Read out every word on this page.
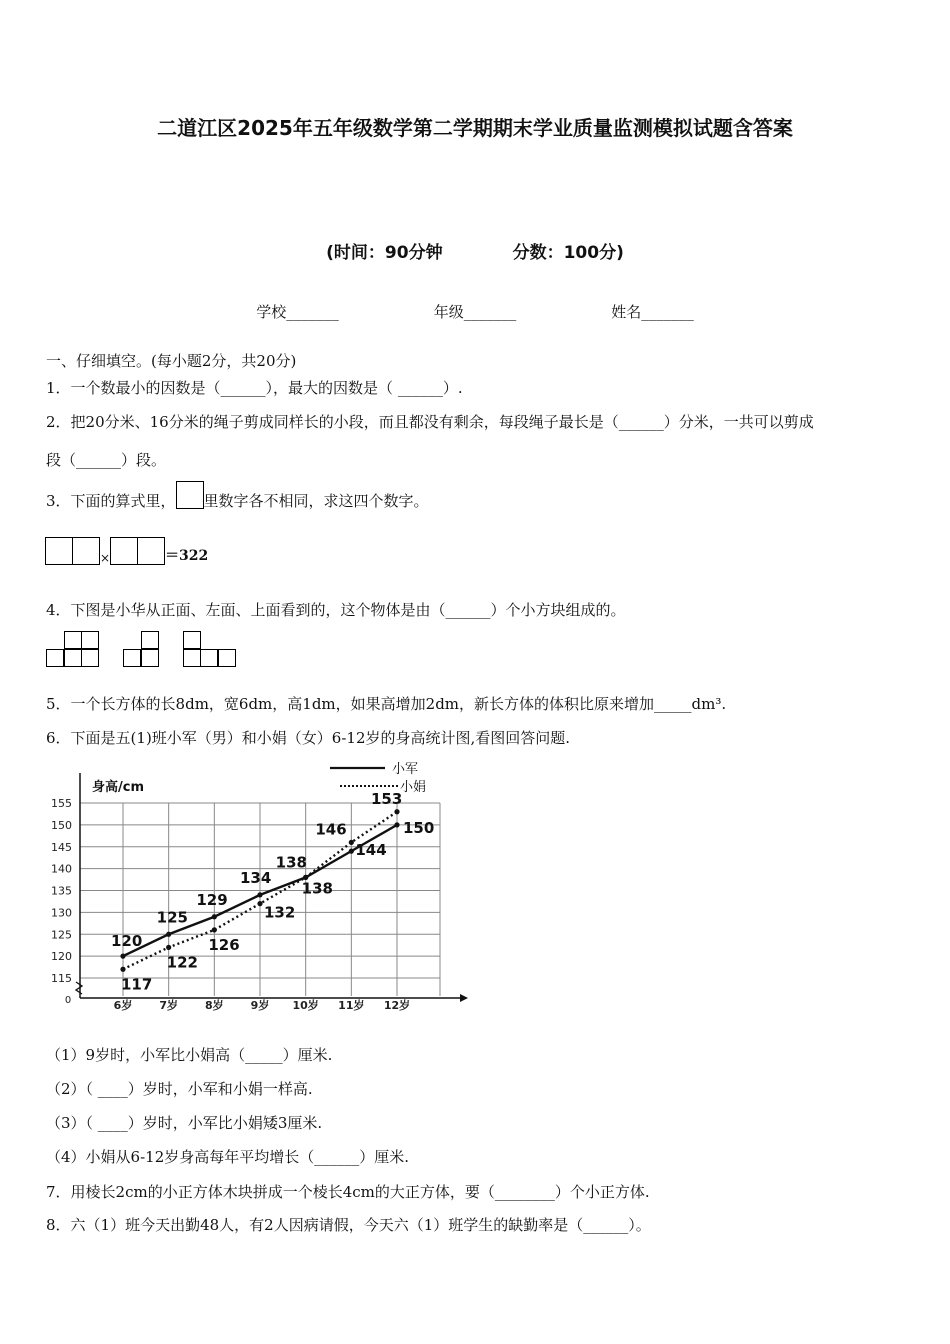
二道江区2025年五年级数学第二学期期末学业质量监测模拟试题含答案
(时间：90分钟	分数：100分)
学校_______	年级_______	姓名_______
一、仔细填空。(每小题2分，共20分)
1．一个数最小的因数是（______），最大的因数是（ ______）.
2．把20分米、16分米的绳子剪成同样长的小段，而且都没有剩余，每段绳子最长是（______）分米，一共可以剪成
段（______）段。
3．下面的算式里， 里数字各不相同，求这四个数字。
×	＝322
4．下图是小华从正面、左面、上面看到的，这个物体是由（______）个小方块组成的。
5．一个长方体的长8dm，宽6dm，高1dm，如果高增加2dm，新长方体的体积比原来增加_____dm³.
6．下面是五(1)班小军（男）和小娟（女）6-12岁的身高统计图,看图回答问题.
115
120
125
130
135
140
145
150
155
6岁 7岁 8岁 9岁 10岁 11岁 12岁
0
身高/cm
120
125
129
134
138
144
150
117
122
126
132
138
146
153
小军
小娟
（1）9岁时，小军比小娟高（_____）厘米.
（2）（ ____）岁时，小军和小娟一样高.
（3）（ ____）岁时，小军比小娟矮3厘米.
（4）小娟从6-12岁身高每年平均增长（______）厘米.
7．用棱长2cm的小正方体木块拼成一个棱长4cm的大正方体，要（________）个小正方体.
8．六（1）班今天出勤48人，有2人因病请假，今天六（1）班学生的缺勤率是（______）。
